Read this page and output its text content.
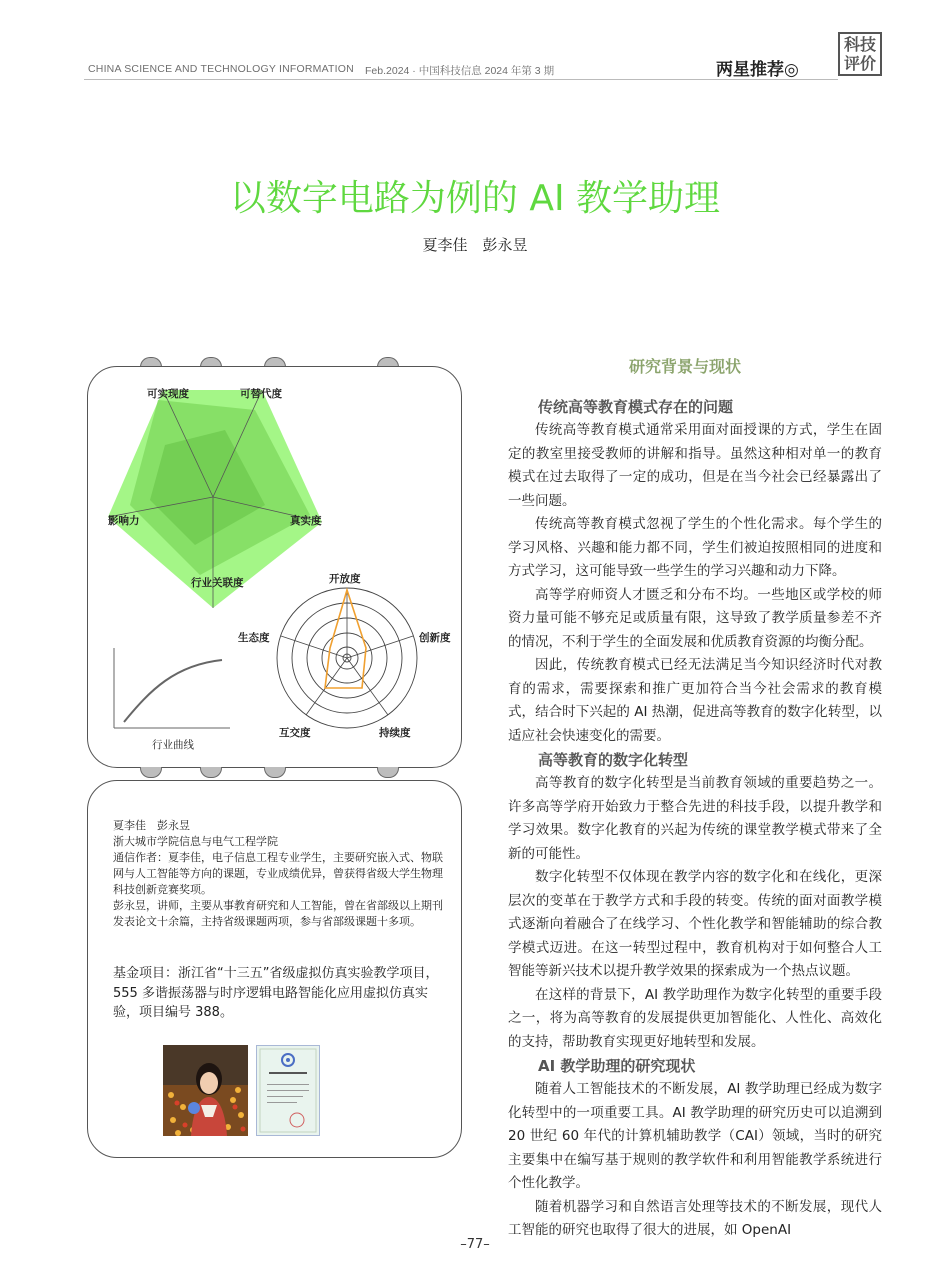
CHINA SCIENCE AND TECHNOLOGY INFORMATION Feb.2024 · 中国科技信息 2024 年第 3 期	两星推荐◎
科技
评价
以数字电路为例的 AI 教学助理
夏李佳　彭永昱
可实现度	可替代度
真实度
行业关联度
影响力
开放度
创新度
持续度
互交度
生态度
行业曲线
夏李佳　彭永昱
浙大城市学院信息与电气工程学院
通信作者：夏李佳，电子信息工程专业学生，主要研究嵌入式、物联网与人工智能等方向的课题，专业成绩优异，曾获得省级大学生物理科技创新竞赛奖项。
彭永昱，讲师，主要从事教育研究和人工智能，曾在省部级以上期刊发表论文十余篇，主持省级课题两项，参与省部级课题十多项。
基金项目：浙江省“十三五”省级虚拟仿真实验教学项目，555 多谐振荡器与时序逻辑电路智能化应用虚拟仿真实验，项目编号 388。
研究背景与现状

传统高等教育模式存在的问题

传统高等教育模式通常采用面对面授课的方式，学生在固定的教室里接受教师的讲解和指导。虽然这种相对单一的教育模式在过去取得了一定的成功，但是在当今社会已经暴露出了一些问题。

传统高等教育模式忽视了学生的个性化需求。每个学生的学习风格、兴趣和能力都不同，学生们被迫按照相同的进度和方式学习，这可能导致一些学生的学习兴趣和动力下降。

高等学府师资人才匮乏和分布不均。一些地区或学校的师资力量可能不够充足或质量有限，这导致了教学质量参差不齐的情况，不利于学生的全面发展和优质教育资源的均衡分配。

因此，传统教育模式已经无法满足当今知识经济时代对教育的需求，需要探索和推广更加符合当今社会需求的教育模式，结合时下兴起的 AI 热潮，促进高等教育的数字化转型，以适应社会快速变化的需要。

高等教育的数字化转型

高等教育的数字化转型是当前教育领域的重要趋势之一。许多高等学府开始致力于整合先进的科技手段，以提升教学和学习效果。数字化教育的兴起为传统的课堂教学模式带来了全新的可能性。

数字化转型不仅体现在教学内容的数字化和在线化，更深层次的变革在于教学方式和手段的转变。传统的面对面教学模式逐渐向着融合了在线学习、个性化教学和智能辅助的综合教学模式迈进。在这一转型过程中，教育机构对于如何整合人工智能等新兴技术以提升教学效果的探索成为一个热点议题。

在这样的背景下，AI 教学助理作为数字化转型的重要手段之一，将为高等教育的发展提供更加智能化、人性化、高效化的支持，帮助教育实现更好地转型和发展。

AI 教学助理的研究现状

随着人工智能技术的不断发展，AI 教学助理已经成为数字化转型中的一项重要工具。AI 教学助理的研究历史可以追溯到 20 世纪 60 年代的计算机辅助教学（CAI）领域，当时的研究主要集中在编写基于规则的教学软件和利用智能教学系统进行个性化教学。

随着机器学习和自然语言处理等技术的不断发展，现代人工智能的研究也取得了很大的进展，如 OpenAI

–77–
